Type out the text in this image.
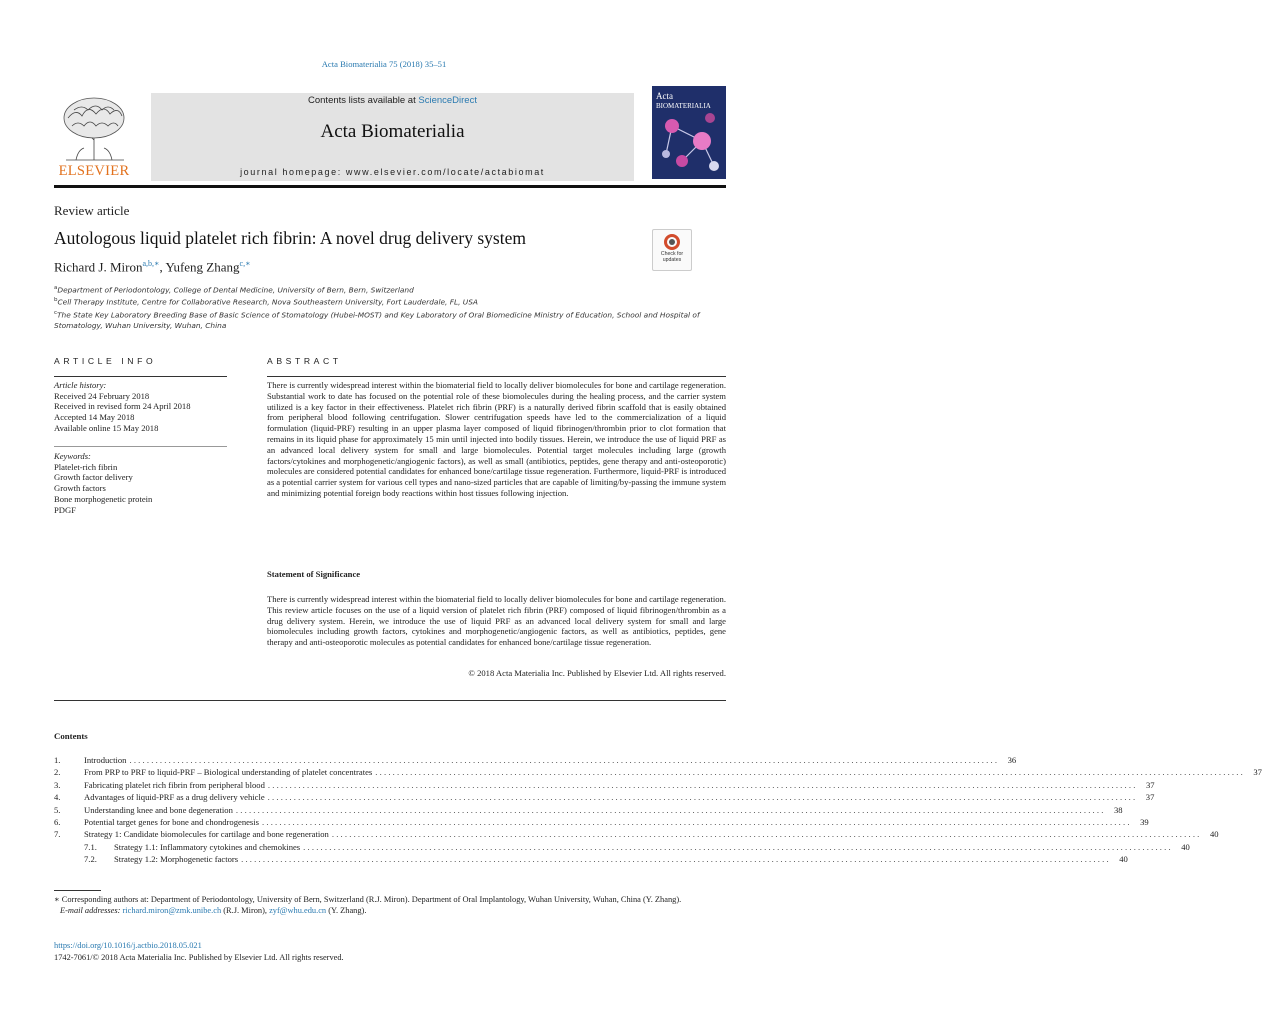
Acta Biomaterialia 75 (2018) 35–51
ELSEVIER
Contents lists available at ScienceDirect
Acta Biomaterialia
journal homepage: www.elsevier.com/locate/actabiomat
Acta BIOMATERIALIA
Review article
Autologous liquid platelet rich fibrin: A novel drug delivery system
Check for updates
Richard J. Miron$^{a,b,∗}$, Yufeng Zhang$^{c,∗}$
$^a$Department of Periodontology, College of Dental Medicine, University of Bern, Bern, Switzerland
$^b$Cell Therapy Institute, Centre for Collaborative Research, Nova Southeastern University, Fort Lauderdale, FL, USA
$^c$The State Key Laboratory Breeding Base of Basic Science of Stomatology (Hubei-MOST) and Key Laboratory of Oral Biomedicine Ministry of Education, School and Hospital of Stomatology, Wuhan University, Wuhan, China
ARTICLE INFO
Article history:
Received 24 February 2018
Received in revised form 24 April 2018
Accepted 14 May 2018
Available online 15 May 2018
Keywords:
Platelet-rich fibrin
Growth factor delivery
Growth factors
Bone morphogenetic protein
PDGF
ABSTRACT

There is currently widespread interest within the biomaterial field to locally deliver biomolecules for bone and cartilage regeneration. Substantial work to date has focused on the potential role of these biomolecules during the healing process, and the carrier system utilized is a key factor in their effectiveness. Platelet rich fibrin (PRF) is a naturally derived fibrin scaffold that is easily obtained from peripheral blood following centrifugation. Slower centrifugation speeds have led to the commercialization of a liquid formulation (liquid-PRF) resulting in an upper plasma layer composed of liquid fibrinogen/thrombin prior to clot formation that remains in its liquid phase for approximately 15 min until injected into bodily tissues. Herein, we introduce the use of liquid PRF as an advanced local delivery system for small and large biomolecules. Potential target molecules including large (growth factors/cytokines and morphogenetic/angiogenic factors), as well as small (antibiotics, peptides, gene therapy and anti-osteoporotic) molecules are considered potential candidates for enhanced bone/cartilage tissue regeneration. Furthermore, liquid-PRF is introduced as a potential carrier system for various cell types and nano-sized particles that are capable of limiting/by-passing the immune system and minimizing potential foreign body reactions within host tissues following injection.

Statement of Significance
There is currently widespread interest within the biomaterial field to locally deliver biomolecules for bone and cartilage regeneration. This review article focuses on the use of a liquid version of platelet rich fibrin (PRF) composed of liquid fibrinogen/thrombin as a drug delivery system. Herein, we introduce the use of liquid PRF as an advanced local delivery system for small and large biomolecules including growth factors, cytokines and morphogenetic/angiogenic factors, as well as antibiotics, peptides, gene therapy and anti-osteoporotic molecules as potential candidates for enhanced bone/cartilage tissue regeneration.
© 2018 Acta Materialia Inc. Published by Elsevier Ltd. All rights reserved.
Contents
1.	Introduction ........................................................................................................................................................................................................ 36
2.	From PRP to PRF to liquid-PRF – Biological understanding of platelet concentrates ........................................................................................................................................................................................................ 37
3.	Fabricating platelet rich fibrin from peripheral blood ........................................................................................................................................................................................................ 37
4.	Advantages of liquid-PRF as a drug delivery vehicle ........................................................................................................................................................................................................ 37
5.	Understanding knee and bone degeneration ........................................................................................................................................................................................................ 38
6.	Potential target genes for bone and chondrogenesis ........................................................................................................................................................................................................ 39
7.	Strategy 1: Candidate biomolecules for cartilage and bone regeneration ........................................................................................................................................................................................................ 40
7.1.	Strategy 1.1: Inflammatory cytokines and chemokines ........................................................................................................................................................................................................ 40
7.2.	Strategy 1.2: Morphogenetic factors ........................................................................................................................................................................................................ 40

∗ Corresponding authors at: Department of Periodontology, University of Bern, Switzerland (R.J. Miron). Department of Oral Implantology, Wuhan University, Wuhan, China (Y. Zhang).

E-mail addresses: richard.miron@zmk.unibe.ch (R.J. Miron), zyf@whu.edu.cn (Y. Zhang).

https://doi.org/10.1016/j.actbio.2018.05.021
1742-7061/© 2018 Acta Materialia Inc. Published by Elsevier Ltd. All rights reserved.
